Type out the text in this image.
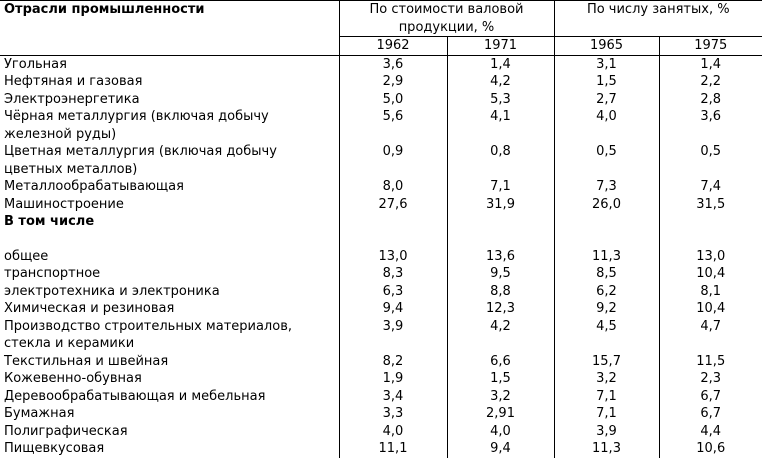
Отрасли промышленности	По стоимости валовой продукции, %		По числу занятых, %	
	1962	1971	1965	1975
Угольная	3,6	1,4	3,1	1,4
Нефтяная и газовая	2,9	4,2	1,5	2,2
Электроэнергетика	5,0	5,3	2,7	2,8
Чёрная металлургия (включая добычу железной руды)	5,6	4,1	4,0	3,6
Цветная металлургия (включая добычу цветных металлов)	0,9	0,8	0,5	0,5
Металлообрабатывающая	8,0	7,1	7,3	7,4
Машиностроение	27,6	31,9	26,0	31,5
В том числе				

общее	13,0	13,6	11,3	13,0
транспортное	8,3	9,5	8,5	10,4
электротехника и электроника	6,3	8,8	6,2	8,1
Химическая и резиновая	9,4	12,3	9,2	10,4
Производство строительных материалов, стекла и керамики	3,9	4,2	4,5	4,7
Текстильная и швейная	8,2	6,6	15,7	11,5
Кожевенно-обувная	1,9	1,5	3,2	2,3
Деревообрабатывающая и мебельная	3,4	3,2	7,1	6,7
Бумажная	3,3	2,91	7,1	6,7
Полиграфическая	4,0	4,0	3,9	4,4
Пищевкусовая	11,1	9,4	11,3	10,6
